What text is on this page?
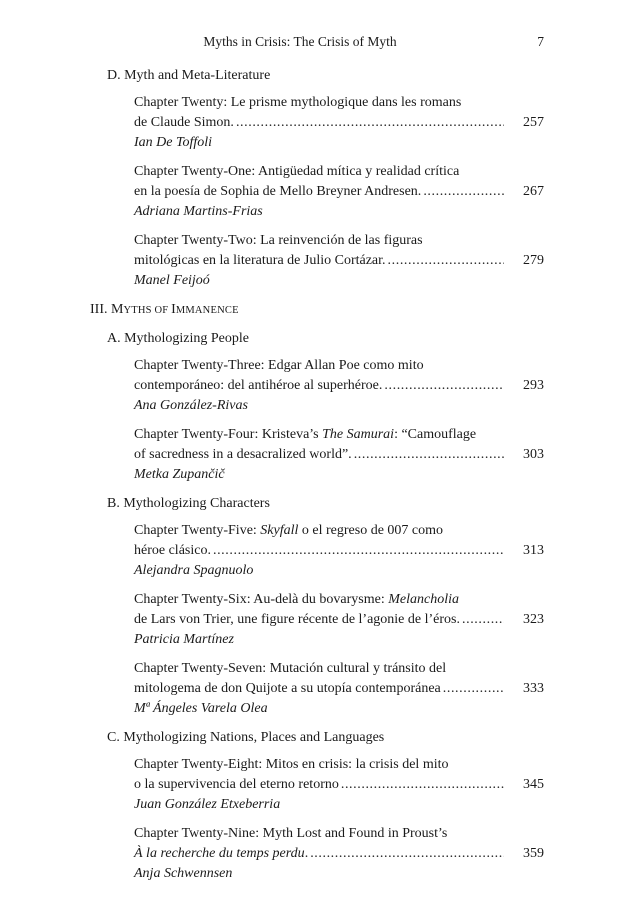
Myths in Crisis: The Crisis of Myth	7

D. Myth and Meta-Literature

Chapter Twenty: Le prisme mythologique dans les romans
de Claude Simon. .....	257
Ian De Toffoli
Chapter Twenty-One: Antigüedad mítica y realidad crítica
en la poesía de Sophia de Mello Breyner Andresen. .....	267
Adriana Martins-Frias
Chapter Twenty-Two: La reinvención de las figuras
mitológicas en la literatura de Julio Cortázar. .....	279
Manel Feijoó

III. MYTHS OF IMMANENCE

A. Mythologizing People

Chapter Twenty-Three: Edgar Allan Poe como mito
contemporáneo: del antihéroe al superhéroe. .....	293
Ana González-Rivas
Chapter Twenty-Four: Kristeva’s The Samurai: “Camouflage
of sacredness in a desacralized world”. .....	303
Metka Zupančič

B. Mythologizing Characters

Chapter Twenty-Five: Skyfall o el regreso de 007 como
héroe clásico. .....	313
Alejandra Spagnuolo
Chapter Twenty-Six: Au-delà du bovarysme: Melancholia
de Lars von Trier, une figure récente de l’agonie de l’éros. .....	323
Patricia Martínez
Chapter Twenty-Seven: Mutación cultural y tránsito del
mitologema de don Quijote a su utopía contemporánea .....	333
Mª Ángeles Varela Olea

C. Mythologizing Nations, Places and Languages

Chapter Twenty-Eight: Mitos en crisis: la crisis del mito
o la supervivencia del eterno retorno .....	345
Juan González Etxeberria
Chapter Twenty-Nine: Myth Lost and Found in Proust’s
À la recherche du temps perdu. .....	359
Anja Schwennsen
